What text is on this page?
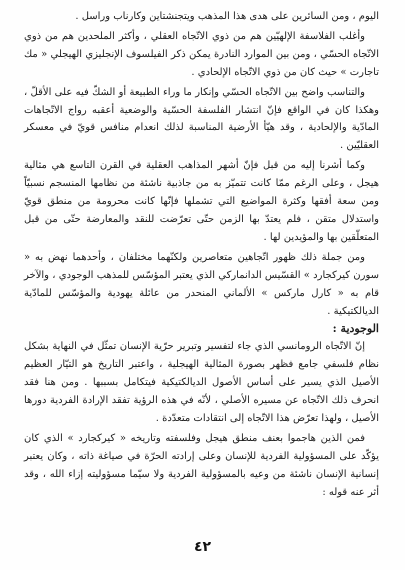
اليوم ، ومن السائرين على هدى هذا المذهب ويتجنشتاين وكارناب وراسل .

وأغلب الفلاسفة الإلهيّين هم من ذوي الاتّجاه العقلي ، وأكثر الملحدين هم من ذوي الاتّجاه الحسّي ، ومن بين الموارد النادرة يمكن ذكر الفيلسوف الإنجليزي الهيجلي « مك تاجارت » حيث كان من ذوي الاتّجاه الإلحادي .

والتناسب واضح بين الاتّجاه الحسّي وإنكار ما وراء الطبيعة أو الشكّ فيه على الأقلّ ، وهكذا كان في الواقع فإنّ انتشار الفلسفة الحسّية والوضعية أعقبه رواج الاتّجاهات المادّية والإلحادية ، وقد هيّأ الأرضية المناسبة لذلك انعدام منافس قويّ في معسكر العقليّين .

وكما أشرنا إليه من قبل فإنّ أشهر المذاهب العقلية في القرن التاسع هي مثالية هيجل ، وعلى الرغم ممّا كانت تتميّز به من جاذبية ناشئة من نظامها المنسجم نسبيّاً ومن سعة أفقها وكثرة المواضيع التي تشملها فإنّها كانت محرومة من منطق قويّ واستدلال متقن ، فلم يعتدّ بها الزمن حتّى تعرّضت للنقد والمعارضة حتّى من قبل المتعلّقين بها والمؤيدين لها .

ومن جملة ذلك ظهور اتّجاهين متعاصرين ولكنّهما مختلفان ، وأحدهما نهض به « سورن كيركجارد » القسّيس الدانماركي الذي يعتبر المؤسّس للمذهب الوجودي ، والآخر قام به « كارل ماركس » الألماني المنحدر من عائلة يهودية والمؤسّس للمادّية الديالكتيكية .

الوجودية :

إنّ الاتّجاه الرومانسي الذي جاء لتفسير وتبرير حرّية الإنسان تمثّل في النهاية بشكل نظام فلسفي جامع فظهر بصورة المثالية الهيجلية ، واعتبر التاريخ هو التيّار العظيم الأصيل الذي يسير على أساس الأصول الديالكتيكية فيتكامل بسببها . ومن هنا فقد انحرف ذلك الاتّجاه عن مسيره الأصلي ، لأنّه في هذه الرؤية تفقد الإرادة الفردية دورها الأصيل ، ولهذا تعرّض هذا الاتّجاه إلى انتقادات متعدّدة .

فمن الذين هاجموا بعنف منطق هيجل وفلسفته وتاريخه « كيركجارد » الذي كان يؤكّد على المسؤولية الفردية للإنسان وعلى إرادته الحرّة في صياغة ذاته ، وكان يعتبر إنسانية الإنسان ناشئة من وعيه بالمسؤولية الفردية ولا سيّما مسؤوليته إزاء الله ، وقد أثر عنه قوله :

٤٢
